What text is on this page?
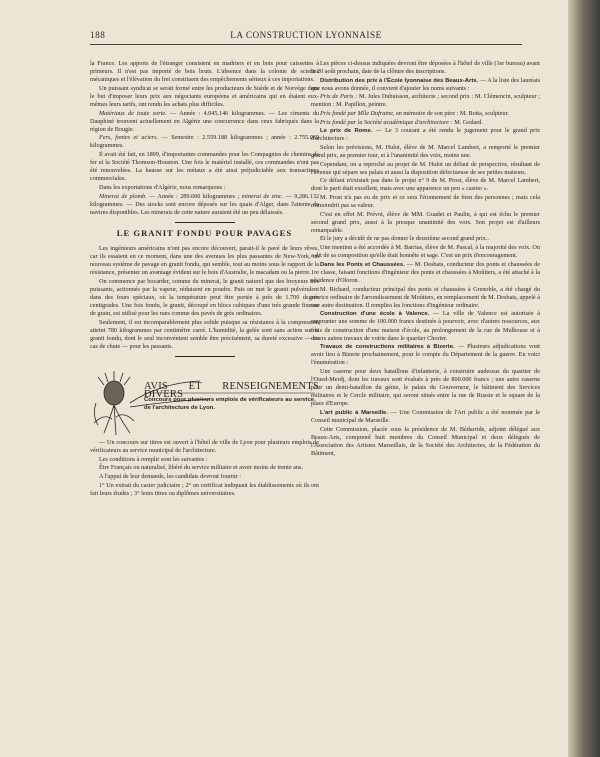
188	LA CONSTRUCTION LYONNAISE

la France. Les apports de l'étranger consistent en madriers et en bois pour caissettes à primeurs. Il n'est pas importé de bois bruts. L'absence dans la colonie de scieries mécaniques et l'élévation du fret constituent des empêchements sérieux à ces importations.

Un puissant syndicat se serait formé entre les producteurs de Suède et de Norvège dans le but d'imposer leurs prix aux négociants européens et américains qui en étaient eux-mêmes leurs tarifs, ont rendu les achats plus difficiles.

Matériaux de toute sorte. — Année : 4.045.146 kilogrammes. — Les ciments du Dauphiné trouvent actuellement en Algérie une concurrence dans ceux fabriqués dans la région de Bougie.

Fers, fontes et aciers. — Semestre : 2.559.188 kilogrammes ; année : 2.755.069 kilogrammes.

Il avait été fait, en 1899, d'importantes commandes pour les Compagnies de chemins de fer et la Société Thomson-Houston. Une fois le matériel installé, ces commandes n'ont pas été renouvelées. La hausse sur les métaux a été ainsi préjudiciable aux transactions commerciales.

Dans les exportations d'Algérie, nous remarquons :

Minerai de plomb. — Année : 289.600 kilogrammes ; minerai de zinc. — 9,286.132 kilogrammes. — Des stocks sont encore déposés sur les quais d'Alger, dans l'attente de navires disponibles. Les minerais de cette nature auraient été un peu délaissés.

LE GRANIT FONDU POUR PAVAGES

Les ingénieurs américains n'ont pas encore découvert, parait-il le pavé de leurs rêves, car ils essaient en ce moment, dans une des avenues les plus passantes de New-York, un nouveau système de pavage en granit fondu, qui semble, tout au moins sous le rapport de la résistance, présenter un avantage évident sur le bois d'Australie, le macadam ou la pierre.

On commence par bocarder, comme du minerai, le granit naturel que des broyeurs très puissants, actionnés par la vapeur, réduisent en poudre. Puis on met le granit pulvérulent dans des fours spéciaux, où la température peut être portée à près de 1.700 degrés centigrades. Une fois fondu, le granit, découpé en blocs cubiques d'une très grande finesse de grain, est utilisé pour les rues comme des pavés de grès ordinaires.

Seulement, il est incomparablement plus solide puisque sa résistance à la compression atteint 780 kilogrammes par centimètre carré. L'humidité, la gelée sont sans action sur le granit fondu, dont le seul inconvénient semble être précisément, sa dureté excessive — en cas de chute — pour les passants.

AVIS ET RENSEIGNEMENTS DIVERS
Concours pour plusieurs emplois de vérificateurs au service de l'architecture de Lyon.

— Un concours sur titres est ouvert à l'hôtel de ville de Lyon pour plusieurs emplois de vérificateurs au service municipal de l'architecture.

Les conditions à remplir sont les suivantes :

Être Français ou naturalisé, libéré du service militaire et avoir moins de trente ans.

A l'appui de leur demande, les candidats devront fournir :

1° Un extrait du casier judiciaire ; 2° un certificat indiquant les établissements où ils ont fait leurs études ; 3° leurs titres ou diplômes universitaires.

Les pièces ci-dessus indiquées devront être déposées à l'hôtel de ville (1er bureau) avant le 20 août prochain, date de la clôture des inscriptions.

Distribution des prix à l'École lyonnaise des Beaux-Arts. — A la liste des lauréats que nous avons donnée, il convient d'ajouter les noms suivants :

Prix de Paris : M. Jules Dubuisson, architecte ; second prix : M. Clémencin, sculpteur ; mention : M. Papillon, peintre.

Prix fondé par Mlle Dufraine, en mémoire de son père : M. Botta, sculpteur.

Prix fondé par la Société académique d'architecture : M. Godard.

Le prix de Rome. — Le 3 courant a été rendu le jugement pour le grand prix d'architecture :

Selon les prévisions, M. Hulot, élève de M. Marcel Lambert, a remporté le premier grand prix, au premier tour, et à l'unanimité des voix, moins une.

Cependant, on a reproché au projet de M. Hulot un défaut de perspective, résultant de l'avenue qui sépare ses palais et aussi la disposition défectueuse de ses petites maisons.

Ce défaut n'existait pas dans le projet n° 9 de M. Prost, élève de M. Marcel Lambert, dont le parti était excellent, mais avec une apparence un peu « casino ».

M. Prost n'a pas eu de prix et ce sera l'étonnement de bien des personnes ; mais cela n'amoindrit pas sa valeur.

C'est en effet M. Prévot, élève de MM. Guadet et Paulin, à qui est échu le premier second grand prix, aussi à la presque unanimité des voix. Son projet est d'ailleurs remarquable.

Et le jury a décidé de ne pas donner le deuxième second grand prix..

Une mention a été accordée à M. Barrias, élève de M. Pascal, à la majorité des voix. On a dit de sa composition qu'elle était honnête et sage. C'est un prix d'encouragement.

Dans les Ponts et Chaussées. — M. Desbats, conducteur des ponts et chaussées de 1re classe, faisant fonctions d'ingénieur des ponts et chaussées à Moûtiers, a été attaché à la résidence d'Oloron.

M. Richard, conducteur principal des ponts et chaussées à Grenoble, a été chargé du service ordinaire de l'arrondissement de Moûtiers, en remplacement de M. Desbats, appelé à une autre destination. Il remplira les fonctions d'ingénieur ordinaire.

Construction d'une école à Valence. — La ville de Valence est autorisée à emprunter une somme de 100.000 francs destinée à pourvoir, avec d'autres ressources, aux frais de construction d'une maison d'école, au prolongement de la rue de Mulhouse et à divers autres travaux de voirie dans le quartier Chorier.

Travaux de constructions militaires à Bizerte. — Plusieurs adjudications vont avoir lieu à Bizerte prochainement, pour le compte du Département de la guerre. En voici l'énumération :

Une caserne pour deux bataillons d'infanterie, à construire audessus du quartier de l'Oued-Merdj, dont les travaux sont évalués à près de 800.000 francs ; une autre caserne pour un demi-bataillon du génie, le palais du Gouverneur, le bâtiment des Services militaires et le Cercle militaire, qui seront situés entre la rue de Russie et le square de la place d'Europe.

L'art public à Marseille. — Une Commission de l'Art public a été nommée par le Conseil municipal de Marseille.

Cette Commission, placée sous la présidence de M. Bédarride, adjoint délégué aux Beaux-Arts, comprend huit membres du Conseil Municipal et deux délégués de l'Association des Artistes Marseillais, de la Société des Architectes, de la Fédération du Bâtiment,
